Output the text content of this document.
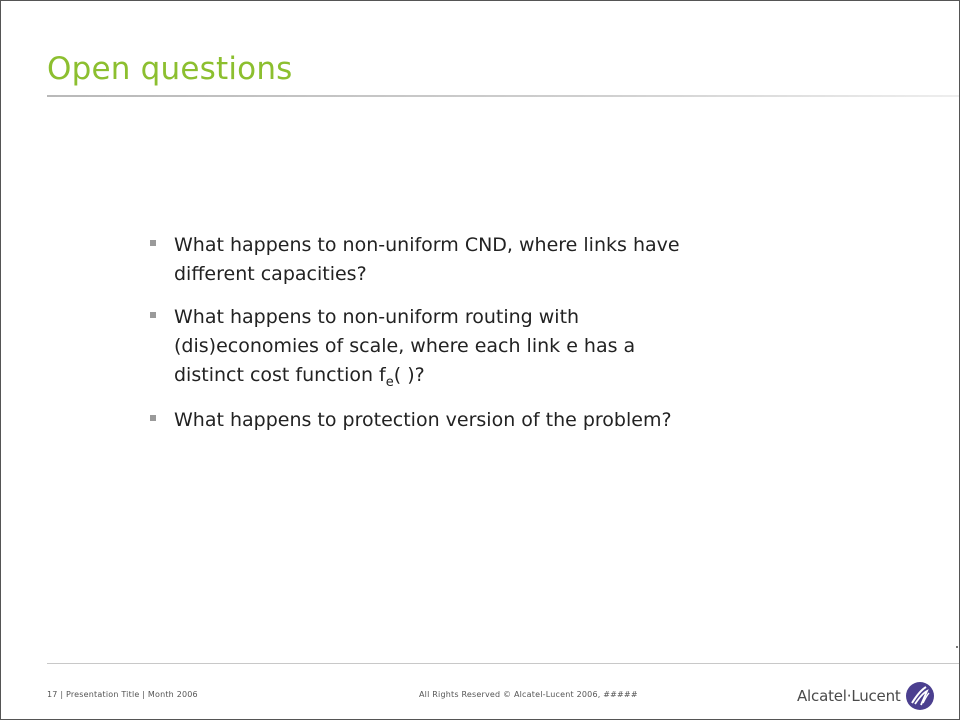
Open questions
What happens to non-uniform CND, where links have
different capacities?
What happens to non-uniform routing with
(dis)economies of scale, where each link e has a
distinct cost function $f_e$( )?
What happens to protection version of the problem?
17 | Presentation Title | Month 2006	All Rights Reserved © Alcatel-Lucent 2006, #####	Alcatel·Lucent
